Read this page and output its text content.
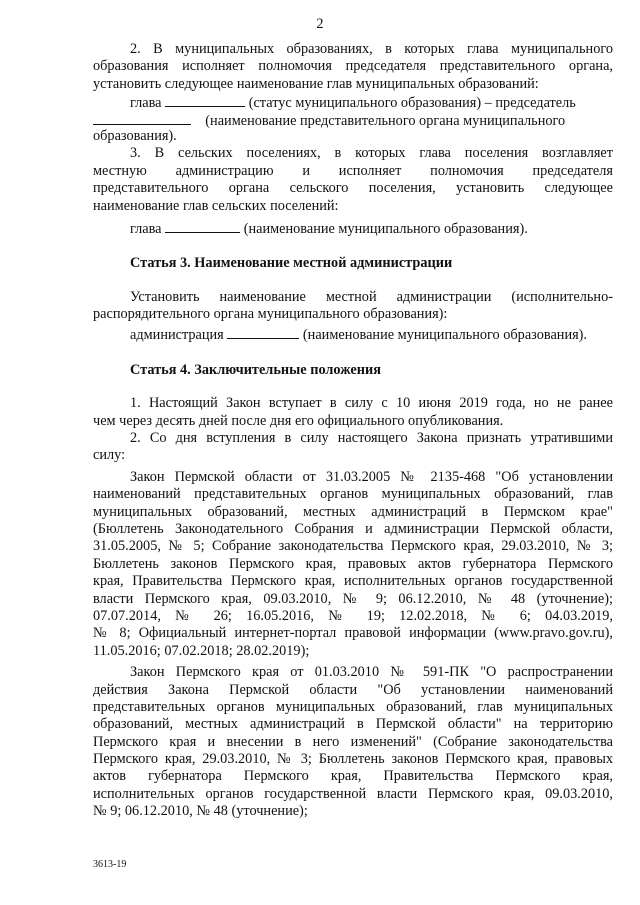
2
2. В муниципальных образованиях, в которых глава муниципального
образования исполняет полномочия председателя представительного органа,
установить следующее наименование глав муниципальных образований:
глава	(статус муниципального образования) – председатель
(наименование представительного органа муниципального
образования).
3. В сельских поселениях, в которых глава поселения возглавляет
местную администрацию и исполняет полномочия председателя
представительного органа сельского поселения, установить следующее
наименование глав сельских поселений:
глава	(наименование муниципального образования).
Статья 3. Наименование местной администрации
Установить наименование местной администрации (исполнительно-
распорядительного органа муниципального образования):
администрация	(наименование муниципального образования).
Статья 4. Заключительные положения
1. Настоящий Закон вступает в силу с 10 июня 2019 года, но не ранее
чем через десять дней после дня его официального опубликования.
2. Со дня вступления в силу настоящего Закона признать утратившими
силу:
Закон Пермской области от 31.03.2005 № 2135-468 "Об установлении
наименований представительных органов муниципальных образований, глав
муниципальных образований, местных администраций в Пермском крае"
(Бюллетень Законодательного Собрания и администрации Пермской области,
31.05.2005, № 5; Собрание законодательства Пермского края, 29.03.2010, № 3;
Бюллетень законов Пермского края, правовых актов губернатора Пермского
края, Правительства Пермского края, исполнительных органов государственной
власти Пермского края, 09.03.2010, № 9; 06.12.2010, № 48 (уточнение);
07.07.2014, № 26; 16.05.2016, № 19; 12.02.2018, № 6; 04.03.2019,
№ 8; Официальный интернет-портал правовой информации (www.pravo.gov.ru),
11.05.2016; 07.02.2018; 28.02.2019);
Закон Пермского края от 01.03.2010 № 591-ПК "О распространении
действия Закона Пермской области "Об установлении наименований
представительных органов муниципальных образований, глав муниципальных
образований, местных администраций в Пермской области" на территорию
Пермского края и внесении в него изменений" (Собрание законодательства
Пермского края, 29.03.2010, № 3; Бюллетень законов Пермского края, правовых
актов губернатора Пермского края, Правительства Пермского края,
исполнительных органов государственной власти Пермского края, 09.03.2010,
№ 9; 06.12.2010, № 48 (уточнение);
3613-19
